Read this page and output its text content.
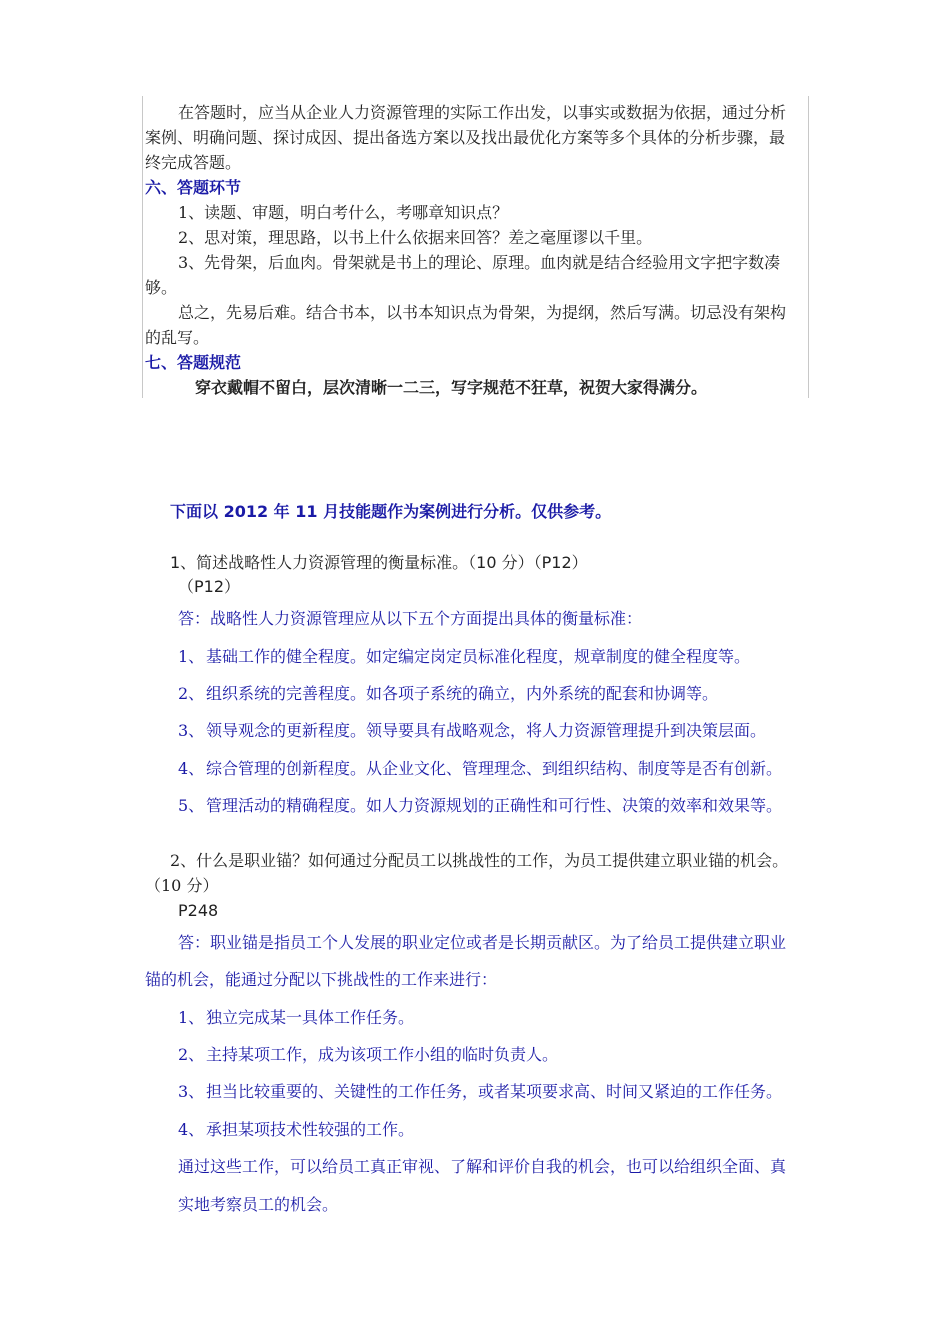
在答题时，应当从企业人力资源管理的实际工作出发，以事实或数据为依据，通过分析
案例、明确问题、探讨成因、提出备选方案以及找出最优化方案等多个具体的分析步骤，最
终完成答题。
六、答题环节
1、读题、审题，明白考什么，考哪章知识点？
2、思对策，理思路，以书上什么依据来回答？差之毫厘谬以千里。
3、先骨架，后血肉。骨架就是书上的理论、原理。血肉就是结合经验用文字把字数凑
够。
总之，先易后难。结合书本，以书本知识点为骨架，为提纲，然后写满。切忌没有架构
的乱写。
七、答题规范
穿衣戴帽不留白，层次清晰一二三，写字规范不狂草，祝贺大家得满分。
下面以 2012 年 11 月技能题作为案例进行分析。仅供参考。
1、简述战略性人力资源管理的衡量标准。（10 分）（P12）
（P12）
答：战略性人力资源管理应从以下五个方面提出具体的衡量标准：
1、 基础工作的健全程度。如定编定岗定员标准化程度，规章制度的健全程度等。
2、 组织系统的完善程度。如各项子系统的确立，内外系统的配套和协调等。
3、 领导观念的更新程度。领导要具有战略观念，将人力资源管理提升到决策层面。
4、 综合管理的创新程度。从企业文化、管理理念、到组织结构、制度等是否有创新。
5、 管理活动的精确程度。如人力资源规划的正确性和可行性、决策的效率和效果等。
2、什么是职业锚？如何通过分配员工以挑战性的工作，为员工提供建立职业锚的机会。
（10 分）
P248
答：职业锚是指员工个人发展的职业定位或者是长期贡献区。为了给员工提供建立职业
锚的机会，能通过分配以下挑战性的工作来进行：
1、 独立完成某一具体工作任务。
2、 主持某项工作，成为该项工作小组的临时负责人。
3、 担当比较重要的、关键性的工作任务，或者某项要求高、时间又紧迫的工作任务。
4、 承担某项技术性较强的工作。
通过这些工作，可以给员工真正审视、了解和评价自我的机会，也可以给组织全面、真
实地考察员工的机会。
